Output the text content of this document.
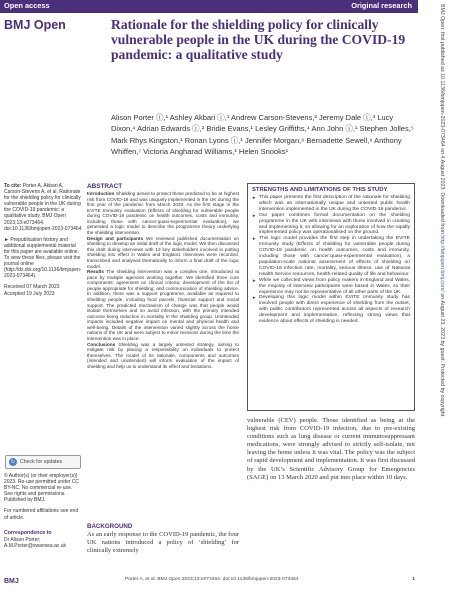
Open access	Original research
BMJ Open	Rationale for the shielding policy for clinically vulnerable people in the UK during the COVID-19 pandemic: a qualitative study
Alison Porter ⓘ,¹ Ashley Akbari ⓘ,¹ Andrew Carson-Stevens,² Jeremy Dale ⓘ,³ Lucy Dixon,⁴ Adrian Edwards ⓘ,² Bridie Evans,¹ Lesley Griffiths,⁴ Ann John ⓘ,¹ Stephen Jolles,⁵ Mark Rhys Kingston,¹ Ronan Lyons ⓘ,¹ Jennifer Morgan,⁶ Bernadette Sewell,⁶ Anthony Whiffen,⁷ Victoria Angharad Williams,¹ Helen Snooks¹
To cite: Porter A, Akbari A, Carson-Stevens A, et al. Rationale for the shielding policy for clinically vulnerable people in the UK during the COVID-19 pandemic: a qualitative study. BMJ Open 2023;13:e073464. doi:10.1136/bmjopen-2023-073464
► Prepublication history and additional supplemental material for this paper are available online. To view these files, please visit the journal online (http://dx.doi.org/10.1136/bmjopen-2023-073464).
Received 07 March 2023
Accepted 19 July 2023
↻ Check for updates
© Author(s) (or their employer(s)) 2023. Re-use permitted under CC BY-NC. No commercial re-use. See rights and permissions. Published by BMJ.
For numbered affiliations see end of article.
Correspondence to
Dr Alison Porter;
A.M.Porter@swansea.ac.uk
ABSTRACT

Introduction Shielding aimed to protect those predicted to be at highest risk from COVID-19 and was uniquely implemented in the UK during the first year of the pandemic from March 2020. As the first stage in the EVITE Immunity evaluation (Effects of shielding for vulnerable people during COVID-19 pandemic on health outcomes, costs and immunity, including those with cancer:quasi-experimental evaluation), we generated a logic model to describe the programme theory underlying the shielding intervention.

Design and participants We reviewed published documentation on shielding to develop an initial draft of the logic model. We then discussed this draft during interviews with 13 key stakeholders involved in putting shielding into effect in Wales and England. Interviews were recorded, transcribed and analysed thematically to inform a final draft of the logic model.

Results The shielding intervention was a complex one, introduced at pace by multiple agencies working together. We identified three core components: agreement on clinical criteria; development of the list of people appropriate for shielding; and communication of shielding advice. In addition, there was a support programme, available as required to shielding people, including food parcels, financial support and social support. The predicted mechanism of change was that people would isolate themselves and so avoid infection, with the primary intended outcome being reduction in mortality in the shielding group. Unintended impacts included negative impact on mental and physical health and well-being. Details of the intervention varied slightly across the home nations of the UK and were subject to minor revisions during the time the intervention was in place.

Conclusions Shielding was a largely untested strategy, aiming to mitigate risk by placing a responsibility on individuals to protect themselves. The model of its rationale, components and outcomes (intended and unintended) will inform evaluation of the impact of shielding and help us to understand its effect and limitations.

STRENGTHS AND LIMITATIONS OF THIS STUDY
► This paper presents the first description of the rationale for shielding which was an internationally unique and untested public health intervention implemented in the UK during the COVID-19 pandemic.
► Our paper combines formal documentation on the shielding programme in the UK with interviews with those involved in creating and implementing it, so allowing for an exploration of how the rapidly implemented policy was operationalised on the ground.
► This logic model provides the first step in undertaking the EVITE Immunity study (Effects of shielding for vulnerable people during COVID-19 pandemic on health outcomes, costs and immunity, including those with cancer:quasi-experimental evaluation), a population-scale national assessment of effects of shielding on COVID-19 infection rate, mortality, serious illness, use of National Health Service resources, health-related quality of life and behaviour.
► While we collected views from policy makers in England and Wales, the majority of interview participants were based in Wales, so their experience may not be representative of all other parts of the UK.
► Developing this logic model within EVITE Immunity study has involved people with direct experience of shielding from the outset, with public contributors represented across all aspects of research development and implementation, reflecting strong views that evidence about effects of shielding is needed.
BACKGROUND
As an early response to the COVID-19 pandemic, the four UK nations introduced a policy of ‘shielding’ for clinically extremely
vulnerable (CEV) people. Those identified as being at the highest risk from COVID-19 infection, due to pre-existing conditions such as lung disease or current immunosuppressant medications, were strongly advised to strictly self-isolate, not leaving the home unless it was vital. The policy was the subject of rapid development and implementation. It was first discussed by the UK’s Scientific Advisory Group for Emergencies (SAGE) on 13 March 2020 and put into place within 10 days.
BMJ	Porter A, et al. BMJ Open 2023;13:e073464. doi:10.1136/bmjopen-2023-073464	1
BMJ Open: first published as 10.1136/bmjopen-2023-073464 on 4 August 2023. Downloaded from http://bmjopen.bmj.com/ on August 23, 2023 by guest. Protected by copyright.
